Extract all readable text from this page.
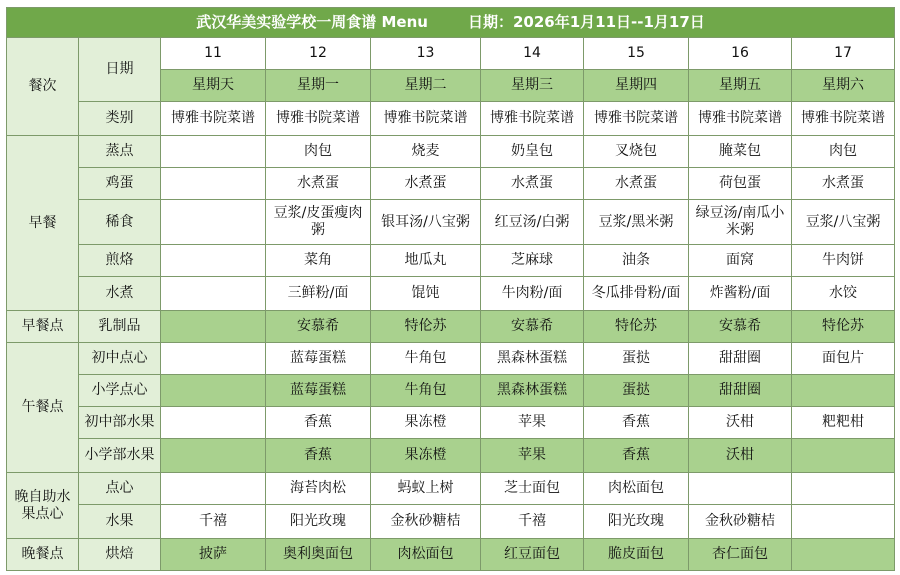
武汉华美实验学校一周食谱 Menu 日期：2026年1月11日--1月17日								
餐次	日期	11	12	13	14	15	16	17
		星期天	星期一	星期二	星期三	星期四	星期五	星期六
	类别	博雅书院菜谱	博雅书院菜谱	博雅书院菜谱	博雅书院菜谱	博雅书院菜谱	博雅书院菜谱	博雅书院菜谱
早餐	蒸点		肉包	烧麦	奶皇包	叉烧包	腌菜包	肉包
	鸡蛋		水煮蛋	水煮蛋	水煮蛋	水煮蛋	荷包蛋	水煮蛋
	稀食		豆浆/皮蛋瘦肉粥	银耳汤/八宝粥	红豆汤/白粥	豆浆/黑米粥	绿豆汤/南瓜小米粥	豆浆/八宝粥
	煎烙		菜角	地瓜丸	芝麻球	油条	面窝	牛肉饼
	水煮		三鲜粉/面	馄饨	牛肉粉/面	冬瓜排骨粉/面	炸酱粉/面	水饺
早餐点	乳制品		安慕希	特伦苏	安慕希	特伦苏	安慕希	特伦苏
午餐点	初中点心		蓝莓蛋糕	牛角包	黑森林蛋糕	蛋挞	甜甜圈	面包片
	小学点心		蓝莓蛋糕	牛角包	黑森林蛋糕	蛋挞	甜甜圈	
	初中部水果		香蕉	果冻橙	苹果	香蕉	沃柑	粑粑柑
	小学部水果		香蕉	果冻橙	苹果	香蕉	沃柑	
晚自助水果点心	点心		海苔肉松	蚂蚁上树	芝士面包	肉松面包		
	水果	千禧	阳光玫瑰	金秋砂糖桔	千禧	阳光玫瑰	金秋砂糖桔	
晚餐点	烘焙	披萨	奥利奥面包	肉松面包	红豆面包	脆皮面包	杏仁面包	
